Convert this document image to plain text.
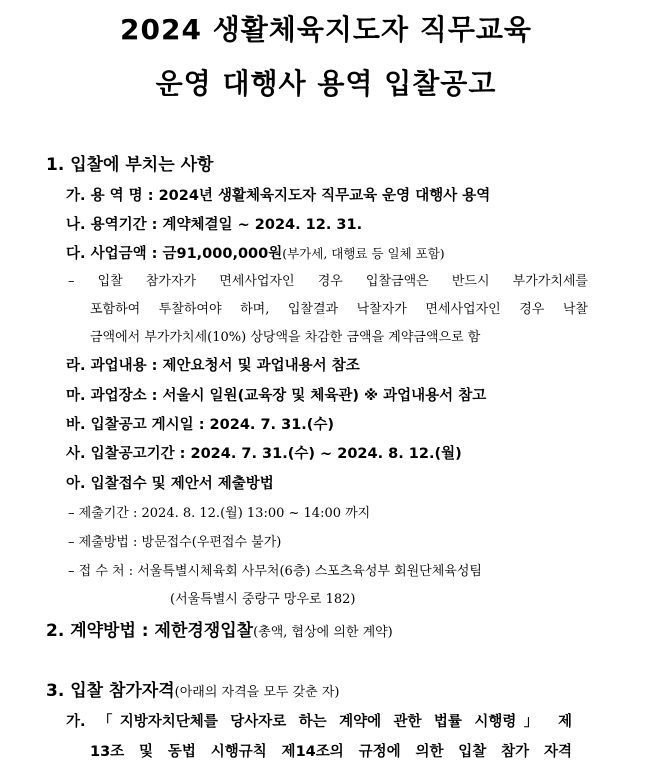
2024 생활체육지도자 직무교육
운영 대행사 용역 입찰공고
1. 입찰에 부치는 사항
가. 용 역 명 : 2024년 생활체육지도자 직무교육 운영 대행사 용역
나. 용역기간 : 계약체결일 ~ 2024. 12. 31.
다. 사업금액 : 금91,000,000원(부가세, 대행료 등 일체 포함)
– 입찰 참가자가 면세사업자인 경우 입찰금액은 반드시 부가가치세를
포함하여 투찰하여야 하며, 입찰결과 낙찰자가 면세사업자인 경우 낙찰
금액에서 부가가치세(10%) 상당액을 차감한 금액을 계약금액으로 함
라. 과업내용 : 제안요청서 및 과업내용서 참조
마. 과업장소 : 서울시 일원(교육장 및 체육관) ※ 과업내용서 참고
바. 입찰공고 게시일 : 2024. 7. 31.(수)
사. 입찰공고기간 : 2024. 7. 31.(수) ~ 2024. 8. 12.(월)
아. 입찰접수 및 제안서 제출방법
– 제출기간 : 2024. 8. 12.(월) 13:00 ~ 14:00 까지
– 제출방법 : 방문접수(우편접수 불가)
– 접 수 처 : 서울특별시체육회 사무처(6층) 스포츠육성부 회원단체육성팀
(서울특별시 중랑구 망우로 182)
2. 계약방법 : 제한경쟁입찰(총액, 협상에 의한 계약)
3. 입찰 참가자격(아래의 자격을 모두 갖춘 자)
가. 「지방자치단체를 당사자로 하는 계약에 관한 법률 시행령」 제
13조 및 동법 시행규칙 제14조의 규정에 의한 입찰 참가 자격
